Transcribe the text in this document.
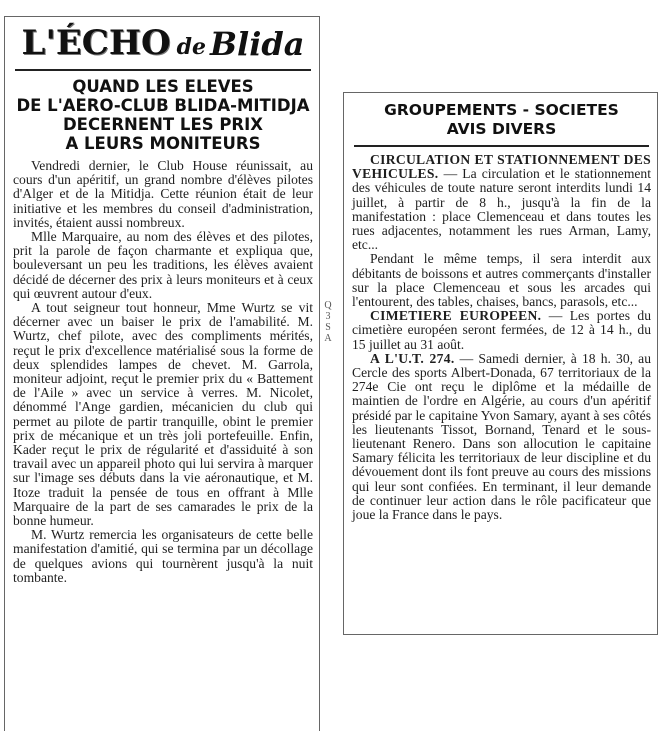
L'ÉCHO de Blida
QUAND LES ELEVES
DE L'AERO-CLUB BLIDA-MITIDJA
DECERNENT LES PRIX
A LEURS MONITEURS

Vendredi dernier, le Club House réunissait, au cours d'un apéritif, un grand nombre d'élèves pilotes d'Alger et de la Mitidja. Cette réunion était de leur initiative et les membres du conseil d'administration, invités, étaient aussi nombreux.

Mlle Marquaire, au nom des élèves et des pilotes, prit la parole de façon charmante et expliqua que, bouleversant un peu les traditions, les élèves avaient décidé de décerner des prix à leurs moniteurs et à ceux qui œuvrent autour d'eux.

A tout seigneur tout honneur, Mme Wurtz se vit décerner avec un baiser le prix de l'amabilité. M. Wurtz, chef pilote, avec des compliments mérités, reçut le prix d'excellence matérialisé sous la forme de deux splendides lampes de chevet. M. Garrola, moniteur adjoint, reçut le premier prix du « Battement de l'Aile » avec un service à verres. M. Nicolet, dénommé l'Ange gardien, mécanicien du club qui permet au pilote de partir tranquille, obint le premier prix de mécanique et un très joli portefeuille. Enfin, Kader reçut le prix de régularité et d'assiduité à son travail avec un appareil photo qui lui servira à marquer sur l'image ses débuts dans la vie aéronautique, et M. Itoze traduit la pensée de tous en offrant à Mlle Marquaire de la part de ses camarades le prix de la bonne humeur.

M. Wurtz remercia les organisateurs de cette belle manifestation d'amitié, qui se termina par un décollage de quelques avions qui tournèrent jusqu'à la nuit tombante.

Q 3 S A
GROUPEMENTS - SOCIETES
AVIS DIVERS

CIRCULATION ET STATIONNEMENT DES VEHICULES. — La circulation et le stationnement des véhicules de toute nature seront interdits lundi 14 juillet, à partir de 8 h., jusqu'à la fin de la manifestation : place Clemenceau et dans toutes les rues adjacentes, notamment les rues Arman, Lamy, etc...

Pendant le même temps, il sera interdit aux débitants de boissons et autres commerçants d'installer sur la place Clemenceau et sous les arcades qui l'entourent, des tables, chaises, bancs, parasols, etc...

CIMETIERE EUROPEEN. — Les portes du cimetière européen seront fermées, de 12 à 14 h., du 15 juillet au 31 août.

A L'U.T. 274. — Samedi dernier, à 18 h. 30, au Cercle des sports Albert-Donada, 67 territoriaux de la 274e Cie ont reçu le diplôme et la médaille de maintien de l'ordre en Algérie, au cours d'un apéritif présidé par le capitaine Yvon Samary, ayant à ses côtés les lieutenants Tissot, Bornand, Tenard et le sous-lieutenant Renero. Dans son allocution le capitaine Samary félicita les territoriaux de leur discipline et du dévouement dont ils font preuve au cours des missions qui leur sont confiées. En terminant, il leur demande de continuer leur action dans le rôle pacificateur que joue la France dans le pays.
